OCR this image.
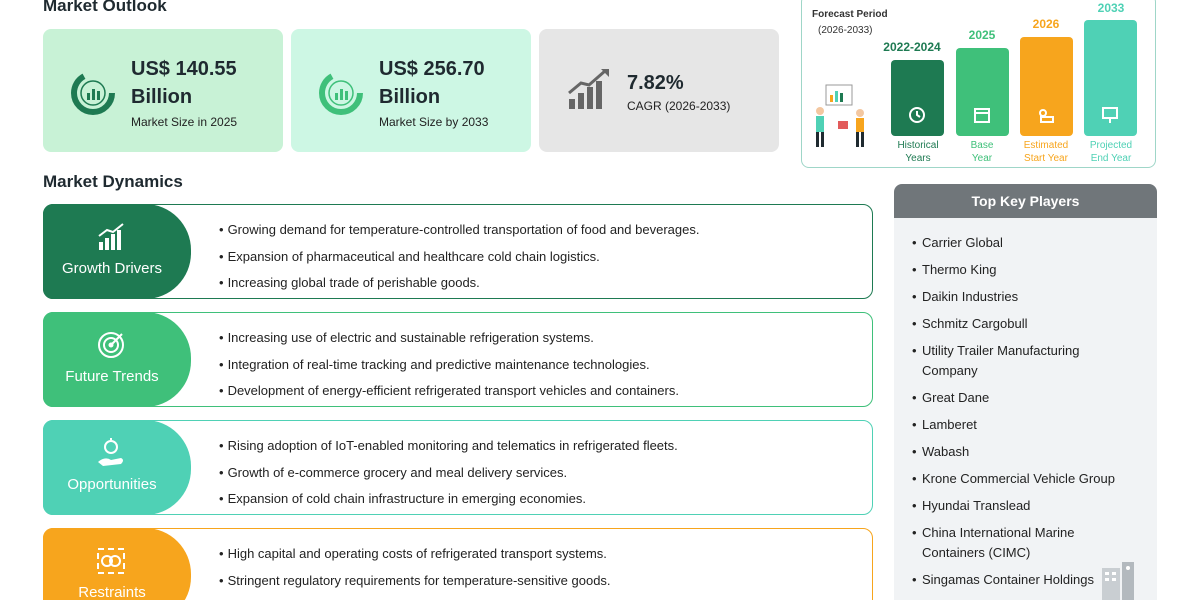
Market Outlook
US$ 140.55
Billion
Market Size in 2025
US$ 256.70
Billion
Market Size by 2033
7.82%
CAGR (2026-2033)
Forecast Period
(2026-2033)
2022-2024
Historical
Years
2025
Base
Year
2026
Estimated
Start Year
2033
Projected
End Year
Market Dynamics
Growth Drivers
• Growing demand for temperature-controlled transportation of food and beverages.
• Expansion of pharmaceutical and healthcare cold chain logistics.
• Increasing global trade of perishable goods.
Future Trends
• Increasing use of electric and sustainable refrigeration systems.
• Integration of real-time tracking and predictive maintenance technologies.
• Development of energy-efficient refrigerated transport vehicles and containers.
Opportunities
• Rising adoption of IoT-enabled monitoring and telematics in refrigerated fleets.
• Growth of e-commerce grocery and meal delivery services.
• Expansion of cold chain infrastructure in emerging economies.
Restraints
• High capital and operating costs of refrigerated transport systems.
• Stringent regulatory requirements for temperature-sensitive goods.
Top Key Players
• Carrier Global
• Thermo King
• Daikin Industries
• Schmitz Cargobull
• Utility Trailer Manufacturing Company
• Great Dane
• Lamberet
• Wabash
• Krone Commercial Vehicle Group
• Hyundai Translead
• China International Marine Containers (CIMC)
• Singamas Container Holdings
